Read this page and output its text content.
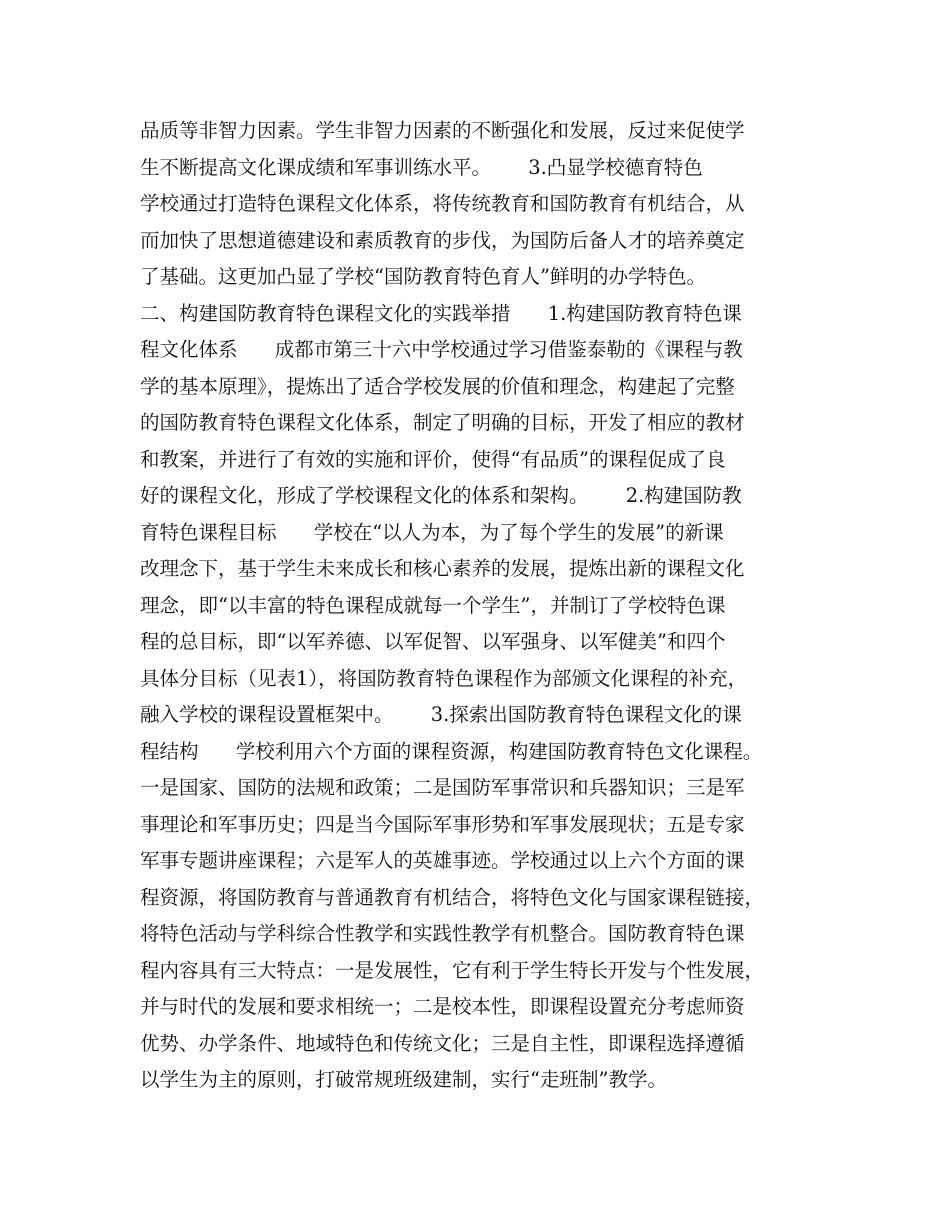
品质等非智力因素。学生非智力因素的不断强化和发展，反过来促使学
生不断提高文化课成绩和军事训练水平。      3.凸显学校德育特色
学校通过打造特色课程文化体系，将传统教育和国防教育有机结合，从
而加快了思想道德建设和素质教育的步伐，为国防后备人才的培养奠定
了基础。这更加凸显了学校“国防教育特色育人”鲜明的办学特色。
二、构建国防教育特色课程文化的实践举措      1.构建国防教育特色课
程文化体系      成都市第三十六中学校通过学习借鉴泰勒的《课程与教
学的基本原理》，提炼出了适合学校发展的价值和理念，构建起了完整
的国防教育特色课程文化体系，制定了明确的目标，开发了相应的教材
和教案，并进行了有效的实施和评价，使得“有品质”的课程促成了良
好的课程文化，形成了学校课程文化的体系和架构。      2.构建国防教
育特色课程目标      学校在“以人为本，为了每个学生的发展”的新课
改理念下，基于学生未来成长和核心素养的发展，提炼出新的课程文化
理念，即“以丰富的特色课程成就每一个学生”，并制订了学校特色课
程的总目标，即“以军养德、以军促智、以军强身、以军健美”和四个
具体分目标（见表1），将国防教育特色课程作为部颁文化课程的补充，
融入学校的课程设置框架中。      3.探索出国防教育特色课程文化的课
程结构      学校利用六个方面的课程资源，构建国防教育特色文化课程。
一是国家、国防的法规和政策；二是国防军事常识和兵器知识；三是军
事理论和军事历史；四是当今国际军事形势和军事发展现状；五是专家
军事专题讲座课程；六是军人的英雄事迹。学校通过以上六个方面的课
程资源，将国防教育与普通教育有机结合，将特色文化与国家课程链接，
将特色活动与学科综合性教学和实践性教学有机整合。国防教育特色课
程内容具有三大特点：一是发展性，它有利于学生特长开发与个性发展，
并与时代的发展和要求相统一；二是校本性，即课程设置充分考虑师资
优势、办学条件、地域特色和传统文化；三是自主性，即课程选择遵循
以学生为主的原则，打破常规班级建制，实行“走班制”教学。
